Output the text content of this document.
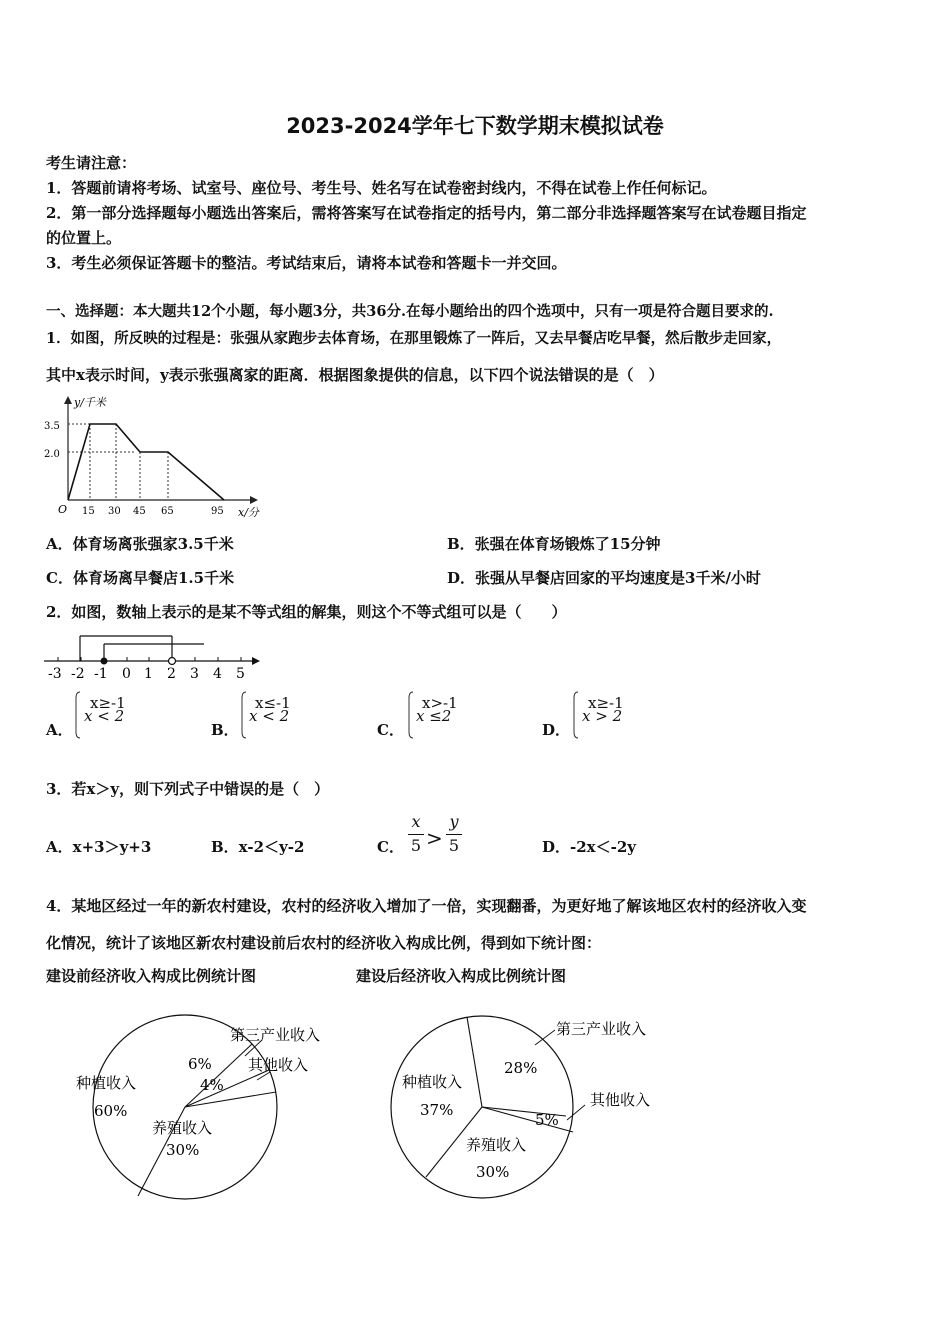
2023-2024学年七下数学期末模拟试卷
考生请注意：
1．答题前请将考场、试室号、座位号、考生号、姓名写在试卷密封线内，不得在试卷上作任何标记。
2．第一部分选择题每小题选出答案后，需将答案写在试卷指定的括号内，第二部分非选择题答案写在试卷题目指定
的位置上。
3．考生必须保证答题卡的整洁。考试结束后，请将本试卷和答题卡一并交回。
一、选择题：本大题共12个小题，每小题3分，共36分.在每小题给出的四个选项中，只有一项是符合题目要求的.
1．如图，所反映的过程是：张强从家跑步去体育场，在那里锻炼了一阵后，又去早餐店吃早餐，然后散步走回家，
其中x表示时间，y表示张强离家的距离．根据图象提供的信息，以下四个说法错误的是（　）
y/千米
x/分
O
3.5
2.0
15 30 45 65	95
A．体育场离张强家3.5千米	B．张强在体育场锻炼了15分钟
C．体育场离早餐店1.5千米	D．张强从早餐店回家的平均速度是3千米/小时
2．如图，数轴上表示的是某不等式组的解集，则这个不等式组可以是（　　）
-3 -2 -1 0 1 2 3 4 5
A．
x≥-1
x < 2
B．
x≤-1
x < 2
C．
x>-1
x ≤2
D．
x≥-1
x > 2
3．若x＞y，则下列式子中错误的是（　）
A．x+3＞y+3	B．x-2＜y-2	C．
x
5 >
y
5	D．-2x＜-2y
4．某地区经过一年的新农村建设，农村的经济收入增加了一倍，实现翻番，为更好地了解该地区农村的经济收入变
化情况，统计了该地区新农村建设前后农村的经济收入构成比例，得到如下统计图：
建设前经济收入构成比例统计图	建设后经济收入构成比例统计图
种植收入
60%
第三产业收入
6% 其他收入
4%
养殖收入
30%
种植收入
37%
第三产业收入
28%
其他收入
5%
养殖收入
30%
